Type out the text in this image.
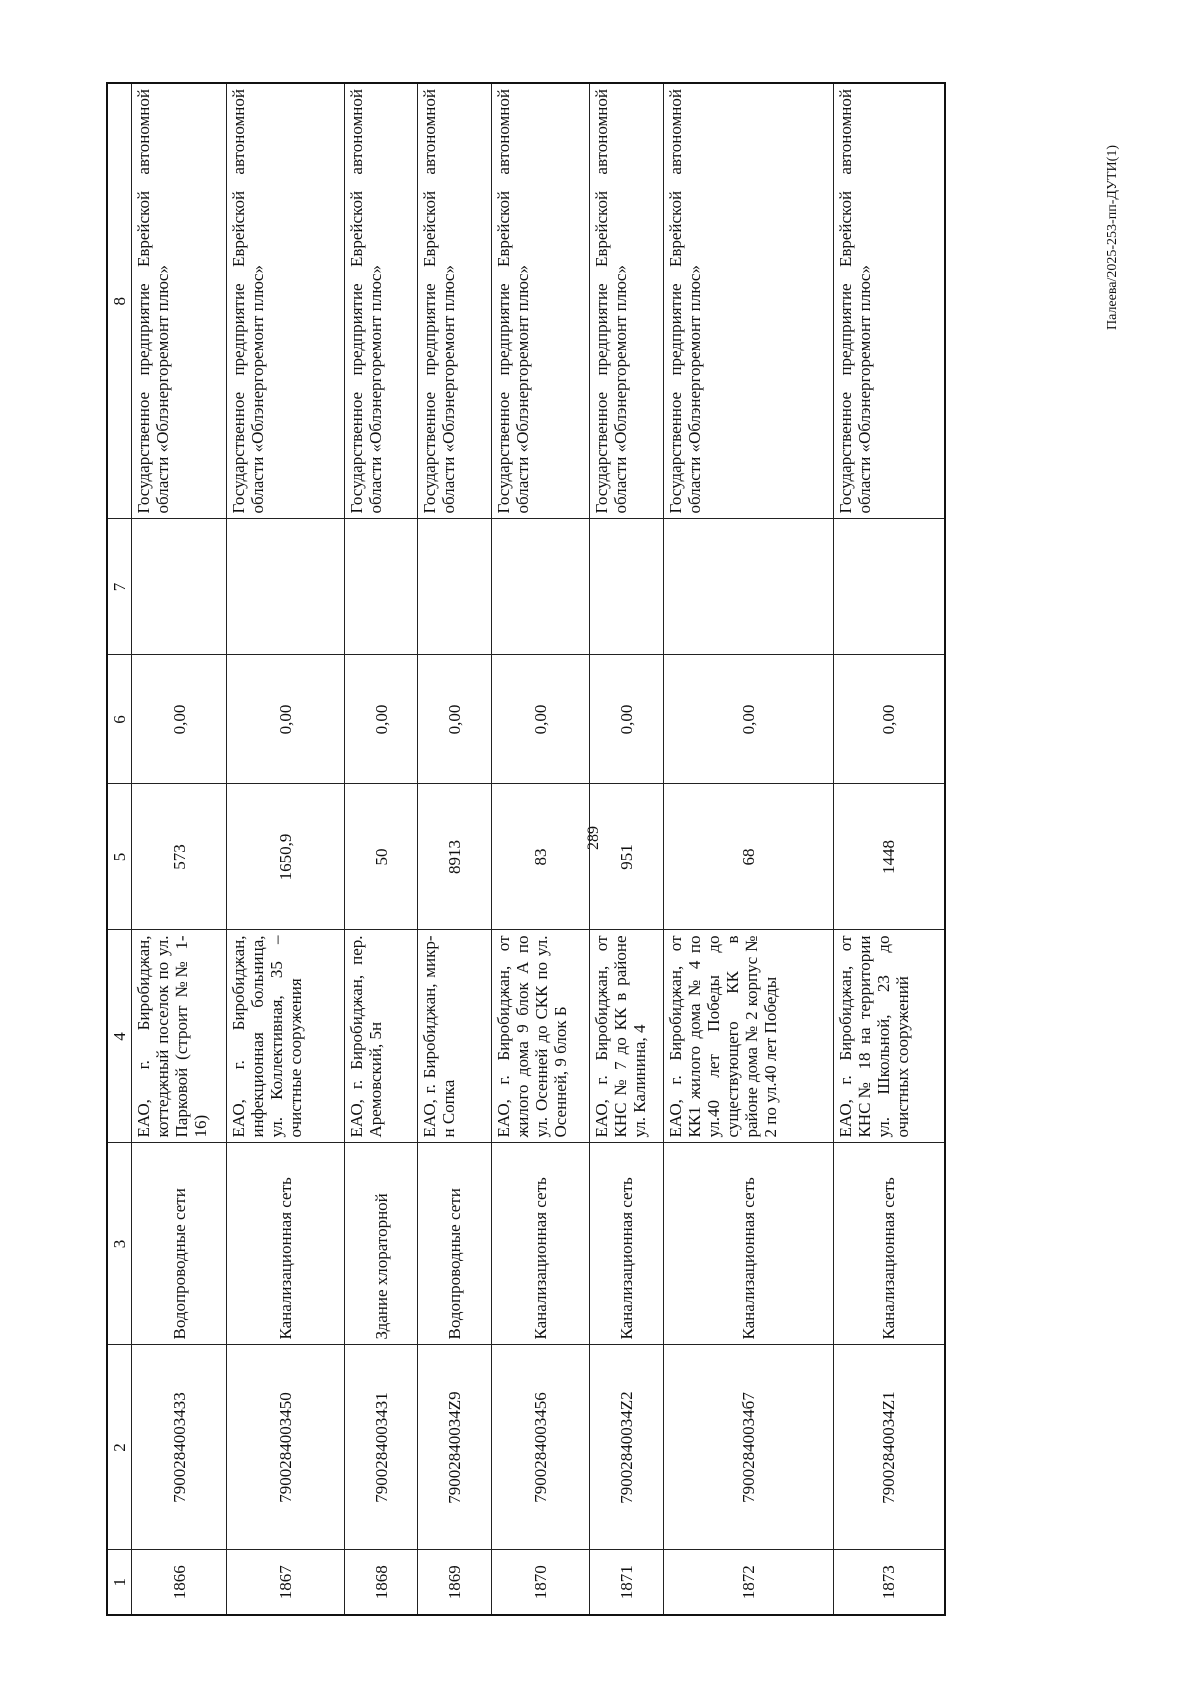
289
Палеева/2025-253-пп-ДУТИ(1)
1	2	3	4	5	6	7	8
1866	79002840034З3	Водопроводные сети	ЕАО, г. Биробиджан, коттеджный поселок по ул. Парковой (строит №№ 1-16)	573	0,00		Государственное предприятие Еврейской автономной области «Облэнергоремонт плюс»
1867	7900284003450	Канализационная сеть	ЕАО, г. Биробиджан, инфекционная больница, ул. Коллективная, 35 – очистные сооружения	1650,9	0,00		Государственное предприятие Еврейской автономной области «Облэнергоремонт плюс»
1868	79002840034З1	Здание хлораторной	ЕАО, г. Биробиджан, пер. Аремовский, 5н	50	0,00		Государственное предприятие Еврейской автономной области «Облэнергоремонт плюс»
1869	79002840034Z9	Водопроводные сети	ЕАО, г. Биробиджан, микр-н Сопка	8913	0,00		Государственное предприятие Еврейской автономной области «Облэнергоремонт плюс»
1870	7900284003456	Канализационная сеть	ЕАО, г. Биробиджан, от жилого дома 9 блок А по ул. Осенней до СКК по ул. Осенней, 9 блок Б	83	0,00		Государственное предприятие Еврейской автономной области «Облэнергоремонт плюс»
1871	79002840034Z2	Канализационная сеть	ЕАО, г. Биробиджан, от КНС № 7 до КК в районе ул. Калинина, 4	951	0,00		Государственное предприятие Еврейской автономной области «Облэнергоремонт плюс»
1872	79002840034б7	Канализационная сеть	ЕАО, г. Биробиджан, от КК1 жилого дома № 4 по ул.40 лет Победы до существующего КК в районе дома № 2 корпус № 2 по ул.40 лет Победы	68	0,00		Государственное предприятие Еврейской автономной области «Облэнергоремонт плюс»
1873	79002840034Z1	Канализационная сеть	ЕАО, г. Биробиджан, от КНС№ 18 на территории ул. Школьной, 23 до очистных сооружений	1448	0,00		Государственное предприятие Еврейской автономной области «Облэнергоремонт плюс»
